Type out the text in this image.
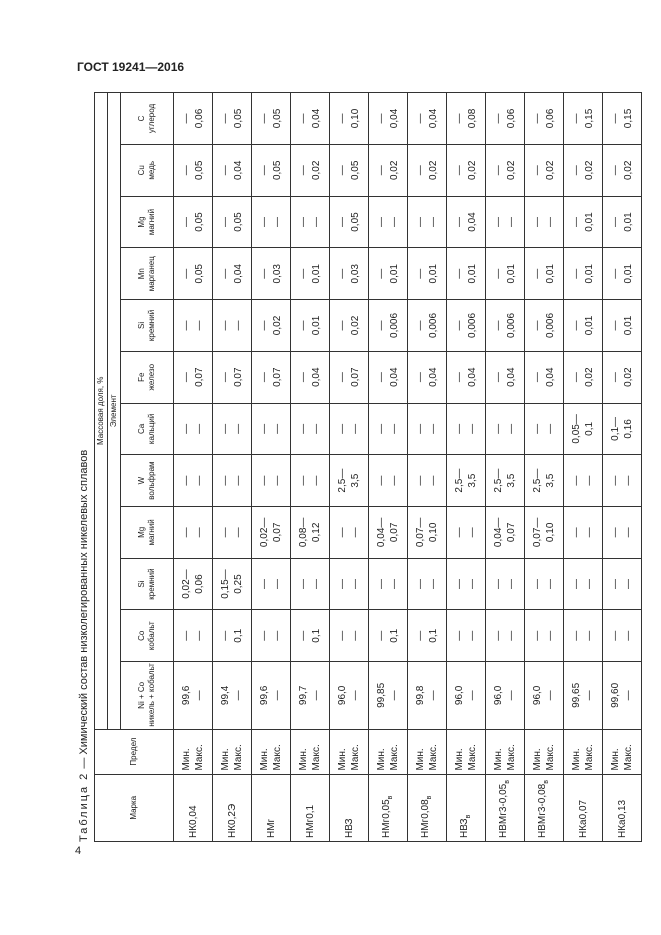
ГОСТ 19241—2016
Таблица 2 — Химический состав низколегированных никелевых сплавов
Марка	Предел	Массовая доля, %											
		Элемент											

		Ni + Co никель + кобальт	Co кобальт	Si кремний	Mg магний	W вольфрам	Ca кальций	Fe железо	Si кремний	Mn марганец	Mg магний	Cu медь	C углерод

НК0,04	Мин. Макс.	99,6 —	— —	0,02— 0,06	— —	— —	— —	— 0,07	— —	— 0,05	— 0,05	— 0,05	— 0,06

НК0,2Э	Мин. Макс.	99,4 —	— 0,1	0,15— 0,25	— —	— —	— —	— 0,07	— —	— 0,04	— 0,05	— 0,04	— 0,05

НМг	Мин. Макс.	99,6 —	— —	— —	0,02— 0,07	— —	— —	— 0,07	— 0,02	— 0,03	— —	— 0,05	— 0,05

НМг0,1	Мин. Макс.	99,7 —	— 0,1	— —	0,08— 0,12	— —	— —	— 0,04	— 0,01	— 0,01	— —	— 0,02	— 0,04

НВЗ	Мин. Макс.	96,0 —	— —	— —	— —	2,5— 3,5	— —	— 0,07	— 0,02	— 0,03	— 0,05	— 0,05	— 0,10

$НМг0,05_в$	Мин. Макс.	99,85 —	— 0,1	— —	0,04— 0,07	— —	— —	— 0,04	— 0,006	— 0,01	— —	— 0,02	— 0,04

$НМг0,08_в$	Мин. Макс.	99,8 —	— 0,1	— —	0,07— 0,10	— —	— —	— 0,04	— 0,006	— 0,01	— —	— 0,02	— 0,04

$НВЗ_в$	Мин. Макс.	96,0 —	— —	— —	— —	2,5— 3,5	— —	— 0,04	— 0,006	— 0,01	— 0,04	— 0,02	— 0,08

$НВМг3-0,05_в$	Мин. Макс.	96,0 —	— —	— —	0,04— 0,07	2,5— 3,5	— —	— 0,04	— 0,006	— 0,01	— —	— 0,02	— 0,06

$НВМг3-0,08_в$	Мин. Макс.	96,0 —	— —	— —	0,07— 0,10	2,5— 3,5	— —	— 0,04	— 0,006	— 0,01	— —	— 0,02	— 0,06

НКа0,07	Мин. Макс.	99,65 —	— —	— —	— —	— —	0,05— 0,1	— 0,02	— 0,01	— 0,01	— 0,01	— 0,02	— 0,15

НКа0,13	Мин. Макс.	99,60 —	— —	— —	— —	— —	0,1— 0,16	— 0,02	— 0,01	— 0,01	— 0,01	— 0,02	— 0,15
4
